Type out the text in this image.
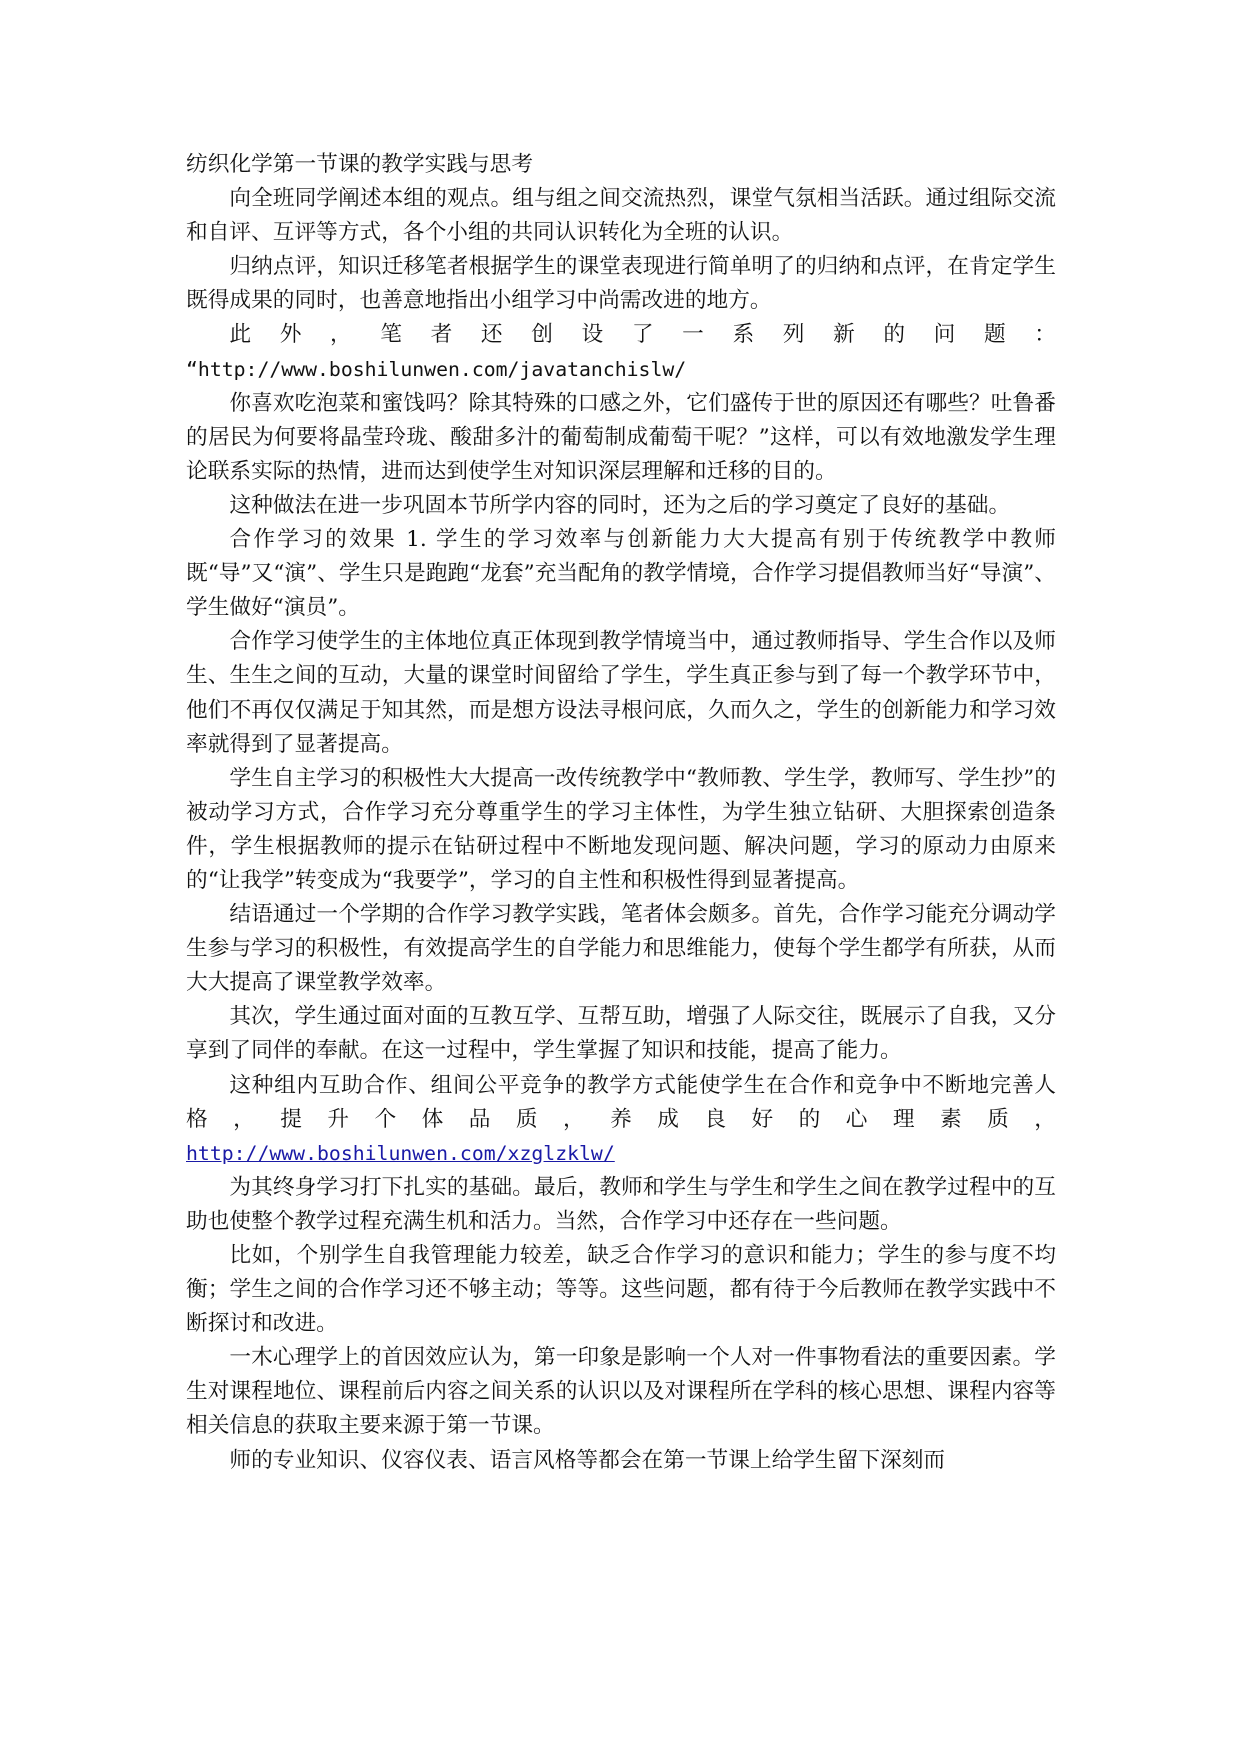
纺织化学第一节课的教学实践与思考

向全班同学阐述本组的观点。组与组之间交流热烈，课堂气氛相当活跃。通过组际交流和自评、互评等方式，各个小组的共同认识转化为全班的认识。

归纳点评，知识迁移笔者根据学生的课堂表现进行简单明了的归纳和点评，在肯定学生既得成果的同时，也善意地指出小组学习中尚需改进的地方。

此外，笔者还创设了一系列新的问题：

“http://www.boshilunwen.com/javatanchislw/

你喜欢吃泡菜和蜜饯吗？除其特殊的口感之外，它们盛传于世的原因还有哪些？吐鲁番的居民为何要将晶莹玲珑、酸甜多汁的葡萄制成葡萄干呢？”这样，可以有效地激发学生理论联系实际的热情，进而达到使学生对知识深层理解和迁移的目的。

这种做法在进一步巩固本节所学内容的同时，还为之后的学习奠定了良好的基础。

合作学习的效果 1. 学生的学习效率与创新能力大大提高有别于传统教学中教师既“导”又“演”、学生只是跑跑“龙套”充当配角的教学情境，合作学习提倡教师当好“导演”、学生做好“演员”。

合作学习使学生的主体地位真正体现到教学情境当中，通过教师指导、学生合作以及师生、生生之间的互动，大量的课堂时间留给了学生，学生真正参与到了每一个教学环节中，他们不再仅仅满足于知其然，而是想方设法寻根问底，久而久之，学生的创新能力和学习效率就得到了显著提高。

学生自主学习的积极性大大提高一改传统教学中“教师教、学生学，教师写、学生抄”的被动学习方式，合作学习充分尊重学生的学习主体性，为学生独立钻研、大胆探索创造条件，学生根据教师的提示在钻研过程中不断地发现问题、解决问题，学习的原动力由原来的“让我学”转变成为“我要学”，学习的自主性和积极性得到显著提高。

结语通过一个学期的合作学习教学实践，笔者体会颇多。首先，合作学习能充分调动学生参与学习的积极性，有效提高学生的自学能力和思维能力，使每个学生都学有所获，从而大大提高了课堂教学效率。

其次，学生通过面对面的互教互学、互帮互助，增强了人际交往，既展示了自我，又分享到了同伴的奉献。在这一过程中，学生掌握了知识和技能，提高了能力。

这种组内互助合作、组间公平竞争的教学方式能使学生在合作和竞争中不断地完善人格，提升个体品质，养成良好的心理素质，

http://www.boshilunwen.com/xzglzklw/

为其终身学习打下扎实的基础。最后，教师和学生与学生和学生之间在教学过程中的互助也使整个教学过程充满生机和活力。当然，合作学习中还存在一些问题。

比如，个别学生自我管理能力较差，缺乏合作学习的意识和能力；学生的参与度不均衡；学生之间的合作学习还不够主动；等等。这些问题，都有待于今后教师在教学实践中不断探讨和改进。

一木心理学上的首因效应认为，第一印象是影响一个人对一件事物看法的重要因素。学生对课程地位、课程前后内容之间关系的认识以及对课程所在学科的核心思想、课程内容等相关信息的获取主要来源于第一节课。

师的专业知识、仪容仪表、语言风格等都会在第一节课上给学生留下深刻而
